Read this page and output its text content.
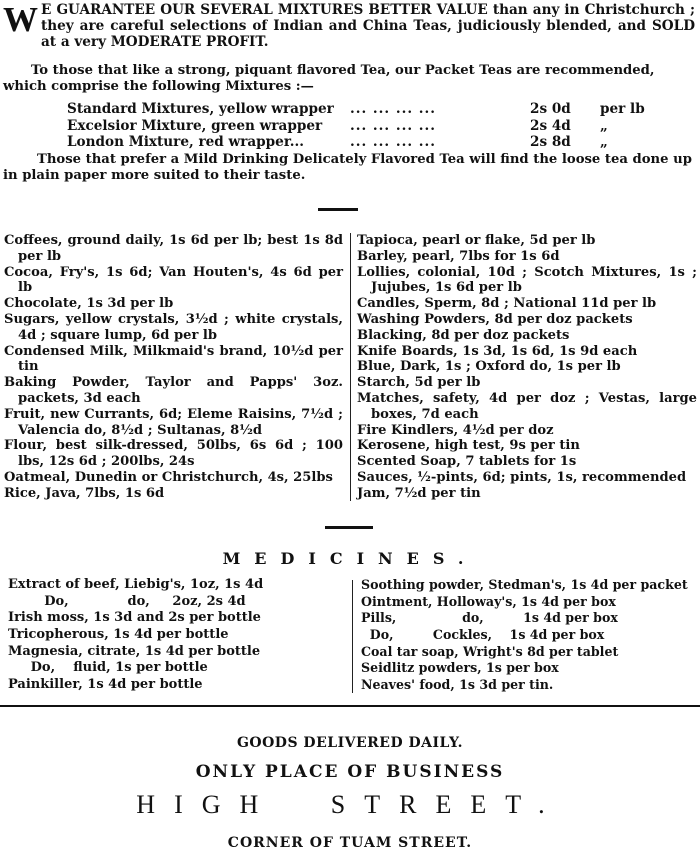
W E GUARANTEE OUR SEVERAL MIXTURES BETTER VALUE than any in Christchurch ; they are careful selections of Indian and China Teas, judiciously blended, and SOLD at a very MODERATE PROFIT.
To those that like a strong, piquant flavored Tea, our Packet Teas are recommended, which comprise the following Mixtures :—
Standard Mixtures, yellow wrapper	... ... ... ...	2s 0d	per lb
Excelsior Mixture, green wrapper	... ... ... ...	2s 4d	„
London Mixture, red wrapper...	... ... ... ...	2s 8d	„
Those that prefer a Mild Drinking Delicately Flavored Tea will find the loose tea done up in plain paper more suited to their taste.
Coffees, ground daily, 1s 6d per lb; best 1s 8d per lb
Cocoa, Fry's, 1s 6d; Van Houten's, 4s 6d per lb
Chocolate, 1s 3d per lb
Sugars, yellow crystals, 3½d ; white crystals, 4d ; square lump, 6d per lb
Condensed Milk, Milkmaid's brand, 10½d per tin
Baking Powder, Taylor and Papps' 3oz. packets, 3d each
Fruit, new Currants, 6d; Eleme Raisins, 7½d ; Valencia do, 8½d ; Sultanas, 8½d
Flour, best silk-dressed, 50lbs, 6s 6d ; 100 lbs, 12s 6d ; 200lbs, 24s
Oatmeal, Dunedin or Christchurch, 4s, 25lbs
Rice, Java, 7lbs, 1s 6d
Tapioca, pearl or flake, 5d per lb
Barley, pearl, 7lbs for 1s 6d
Lollies, colonial, 10d ; Scotch Mixtures, 1s ; Jujubes, 1s 6d per lb
Candles, Sperm, 8d ; National 11d per lb
Washing Powders, 8d per doz packets
Blacking, 8d per doz packets
Knife Boards, 1s 3d, 1s 6d, 1s 9d each
Blue, Dark, 1s ; Oxford do, 1s per lb
Starch, 5d per lb
Matches, safety, 4d per doz ; Vestas, large boxes, 7d each
Fire Kindlers, 4½d per doz
Kerosene, high test, 9s per tin
Scented Soap, 7 tablets for 1s
Sauces, ½-pints, 6d; pints, 1s, recommended
Jam, 7½d per tin
MEDICINES.
Extract of beef, Liebig's, 1oz, 1s 4d
Do,             do,     2oz, 2s 4d
Irish moss, 1s 3d and 2s per bottle
Tricopherous, 1s 4d per bottle
Magnesia, citrate, 1s 4d per bottle
Do,    fluid, 1s per bottle
Painkiller, 1s 4d per bottle
Soothing powder, Stedman's, 1s 4d per packet
Ointment, Holloway's, 1s 4d per box
Pills,               do,         1s 4d per box
Do,         Cockles,    1s 4d per box
Coal tar soap, Wright's 8d per tablet
Seidlitz powders, 1s per box
Neaves' food, 1s 3d per tin.
GOODS DELIVERED DAILY.
ONLY PLACE OF BUSINESS
HIGH STREET.
CORNER OF TUAM STREET.
